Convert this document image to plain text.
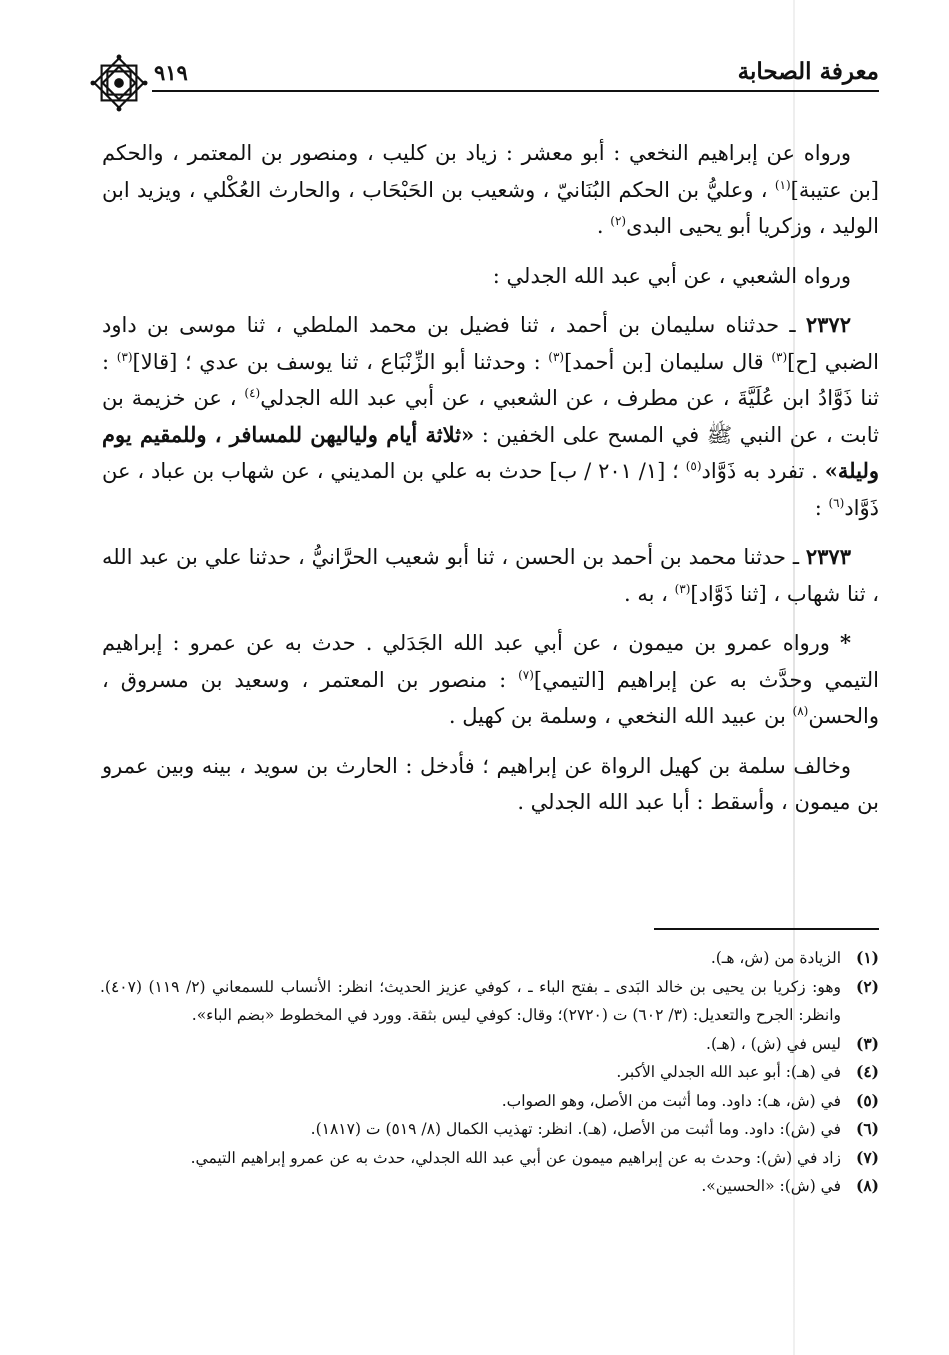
معرفة الصحابة
٩١٩

ورواه عن إبراهيم النخعي : أبو معشر : زياد بن كليب ، ومنصور بن المعتمر ، والحكم [بن عتيبة]$^{(١)}$ ، وعليُّ بن الحكم البُنَانيّ ، وشعيب بن الحَبْحَاب ، والحارث العُكْلي ، ويزيد ابن الوليد ، وزكريا أبو يحيى البدى$^{(٢)}$ .

ورواه الشعبي ، عن أبي عبد الله الجدلي :

٢٣٧٢ ـ حدثناه سليمان بن أحمد ، ثنا فضيل بن محمد الملطي ، ثنا موسى بن داود الضبي [ح]$^{(٣)}$ قال سليمان [بن أحمد]$^{(٣)}$ : وحدثنا أبو الزِّنْبَاع ، ثنا يوسف بن عدي ؛ [قالا]$^{(٣)}$ : ثنا ذَوَّادُ ابن عُلَيَّةَ ، عن مطرف ، عن الشعبي ، عن أبي عبد الله الجدلي$^{(٤)}$ ، عن خزيمة بن ثابت ، عن النبي ﷺ في المسح على الخفين : «ثلاثة أيام ولياليهن للمسافر ، وللمقيم يوم وليلة» . تفرد به ذَوَّاد$^{(٥)}$ ؛ [١/ ٢٠١ / ب] حدث به علي بن المديني ، عن شهاب بن عباد ، عن ذَوَّاد$^{(٦)}$ :

٢٣٧٣ ـ حدثنا محمد بن أحمد بن الحسن ، ثنا أبو شعيب الحرَّانيُّ ، حدثنا علي بن عبد الله ، ثنا شهاب ، [ثنا ذَوَّاد]$^{(٣)}$ ، به .

* ورواه عمرو بن ميمون ، عن أبي عبد الله الجَدَلي . حدث به عن عمرو : إبراهيم التيمي وحدَّث به عن إبراهيم [التيمي]$^{(٧)}$ : منصور بن المعتمر ، وسعيد بن مسروق ، والحسن$^{(٨)}$ بن عبيد الله النخعي ، وسلمة بن كهيل .

وخالف سلمة بن كهيل الرواة عن إبراهيم ؛ فأدخل : الحارث بن سويد ، بينه وبين عمرو بن ميمون ، وأسقط : أبا عبد الله الجدلي .

(١)
الزيادة من (ش، هـ).
(٢)
وهو: زكريا بن يحيى بن خالد البَدى ـ بفتح الباء ـ ، كوفي عزيز الحديث؛ انظر: الأنساب للسمعاني (٢/ ١١٩) (٤٠٧). وانظر: الجرح والتعديل: (٣/ ٦٠٢) ت (٢٧٢٠)؛ وقال: كوفي ليس بثقة. وورد في المخطوط «بضم الباء».
(٣)
ليس في (ش) ، (هـ).
(٤)
في (هـ): أبو عبد الله الجدلي الأكبر.
(٥)
في (ش، هـ): داود. وما أثبت من الأصل، وهو الصواب.
(٦)
في (ش): داود. وما أثبت من الأصل، (هـ). انظر: تهذيب الكمال (٨/ ٥١٩) ت (١٨١٧).
(٧)
زاد في (ش): وحدث به عن إبراهيم ميمون عن أبي عبد الله الجدلي، حدث به عن عمرو إبراهيم التيمي.
(٨)
في (ش): «الحسين».
